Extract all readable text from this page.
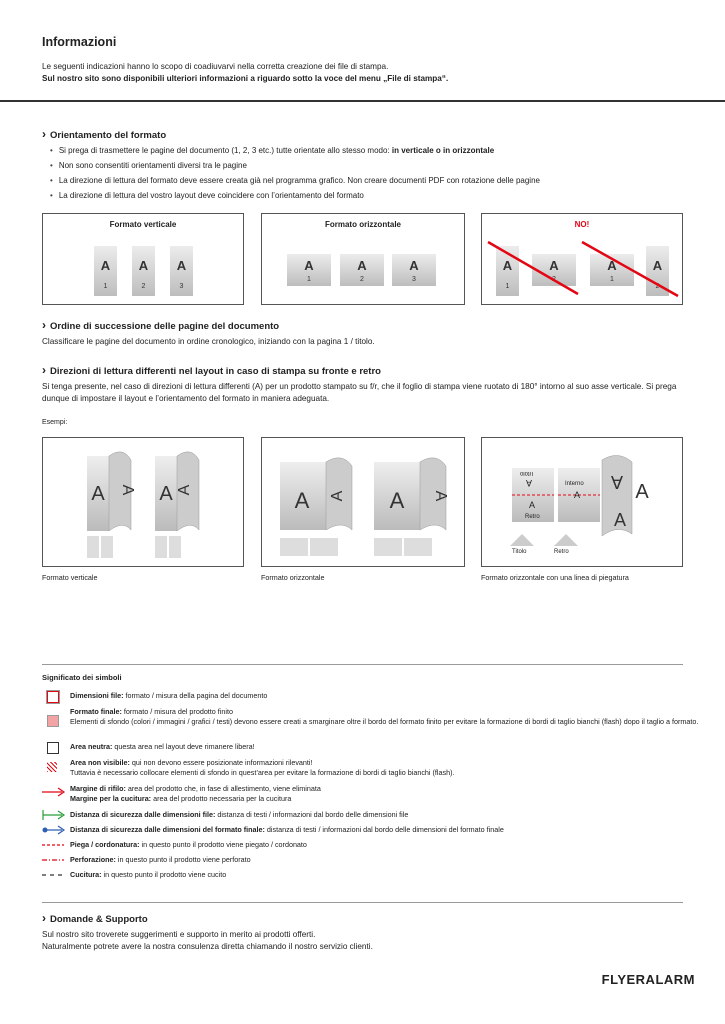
Informazioni
Le seguenti indicazioni hanno lo scopo di coadiuvarvi nella corretta creazione dei file di stampa.
Sul nostro sito sono disponibili ulteriori informazioni a riguardo sotto la voce del menu „File di stampa“.
› Orientamento del formato
• Si prega di trasmettere le pagine del documento (1, 2, 3 etc.) tutte orientate allo stesso modo: in verticale o in orizzontale
• Non sono consentiti orientamenti diversi tra le pagine
• La direzione di lettura del formato deve essere creata già nel programma grafico. Non creare documenti PDF con rotazione delle pagine
• La direzione di lettura del vostro layout deve coincidere con l’orientamento del formato
Formato verticale
A
1
A
2
A
3
Formato orizzontale
A
1
A
2
A
3
NO!
A
1
A	A
1
A
2
› Ordine di successione delle pagine del documento
Classificare le pagine del documento in ordine cronologico, iniziando con la pagina 1 / titolo.
› Direzioni di lettura differenti nel layout in caso di stampa su fronte e retro
Si tenga presente, nel caso di direzioni di lettura differenti (A) per un prodotto stampato su f/r, che il foglio di stampa viene ruotato di 180° intorno al suo asse verticale. Si prega dunque di impostare il layout e l’orientamento del formato in maniera adeguata.
Esempi:
A A A A
Formato verticale
A A A A
Formato orizzontale
A
A
A
Titolo
A
A
Retro
Interno
A
Titolo	Retro
Formato orizzontale con una linea di piegatura
Significato dei simboli
Dimensioni file: formato / misura della pagina del documento
Formato finale: formato / misura del prodotto finito
Elementi di sfondo (colori / immagini / grafici / testi) devono essere creati a smarginare oltre il bordo del formato finito per evitare la formazione di bordi di taglio bianchi (flash) dopo il taglio a formato.
Area neutra: questa area nel layout deve rimanere libera!
Area non visibile: qui non devono essere posizionate informazioni rilevanti!
Tuttavia è necessario collocare elementi di sfondo in quest’area per evitare la formazione di bordi di taglio bianchi (flash).
Margine di rifilo: area del prodotto che, in fase di allestimento, viene eliminata
Margine per la cucitura: area del prodotto necessaria per la cucitura
Distanza di sicurezza dalle dimensioni file: distanza di testi / informazioni dal bordo delle dimensioni file
Distanza di sicurezza dalle dimensioni del formato finale: distanza di testi / informazioni dal bordo delle dimensioni del formato finale
Piega / cordonatura: in questo punto il prodotto viene piegato / cordonato
Perforazione: in questo punto il prodotto viene perforato
Cucitura: in questo punto il prodotto viene cucito
› Domande & Supporto
Sul nostro sito troverete suggerimenti e supporto in merito ai prodotti offerti.
Naturalmente potrete avere la nostra consulenza diretta chiamando il nostro servizio clienti.
FLYERALARM
